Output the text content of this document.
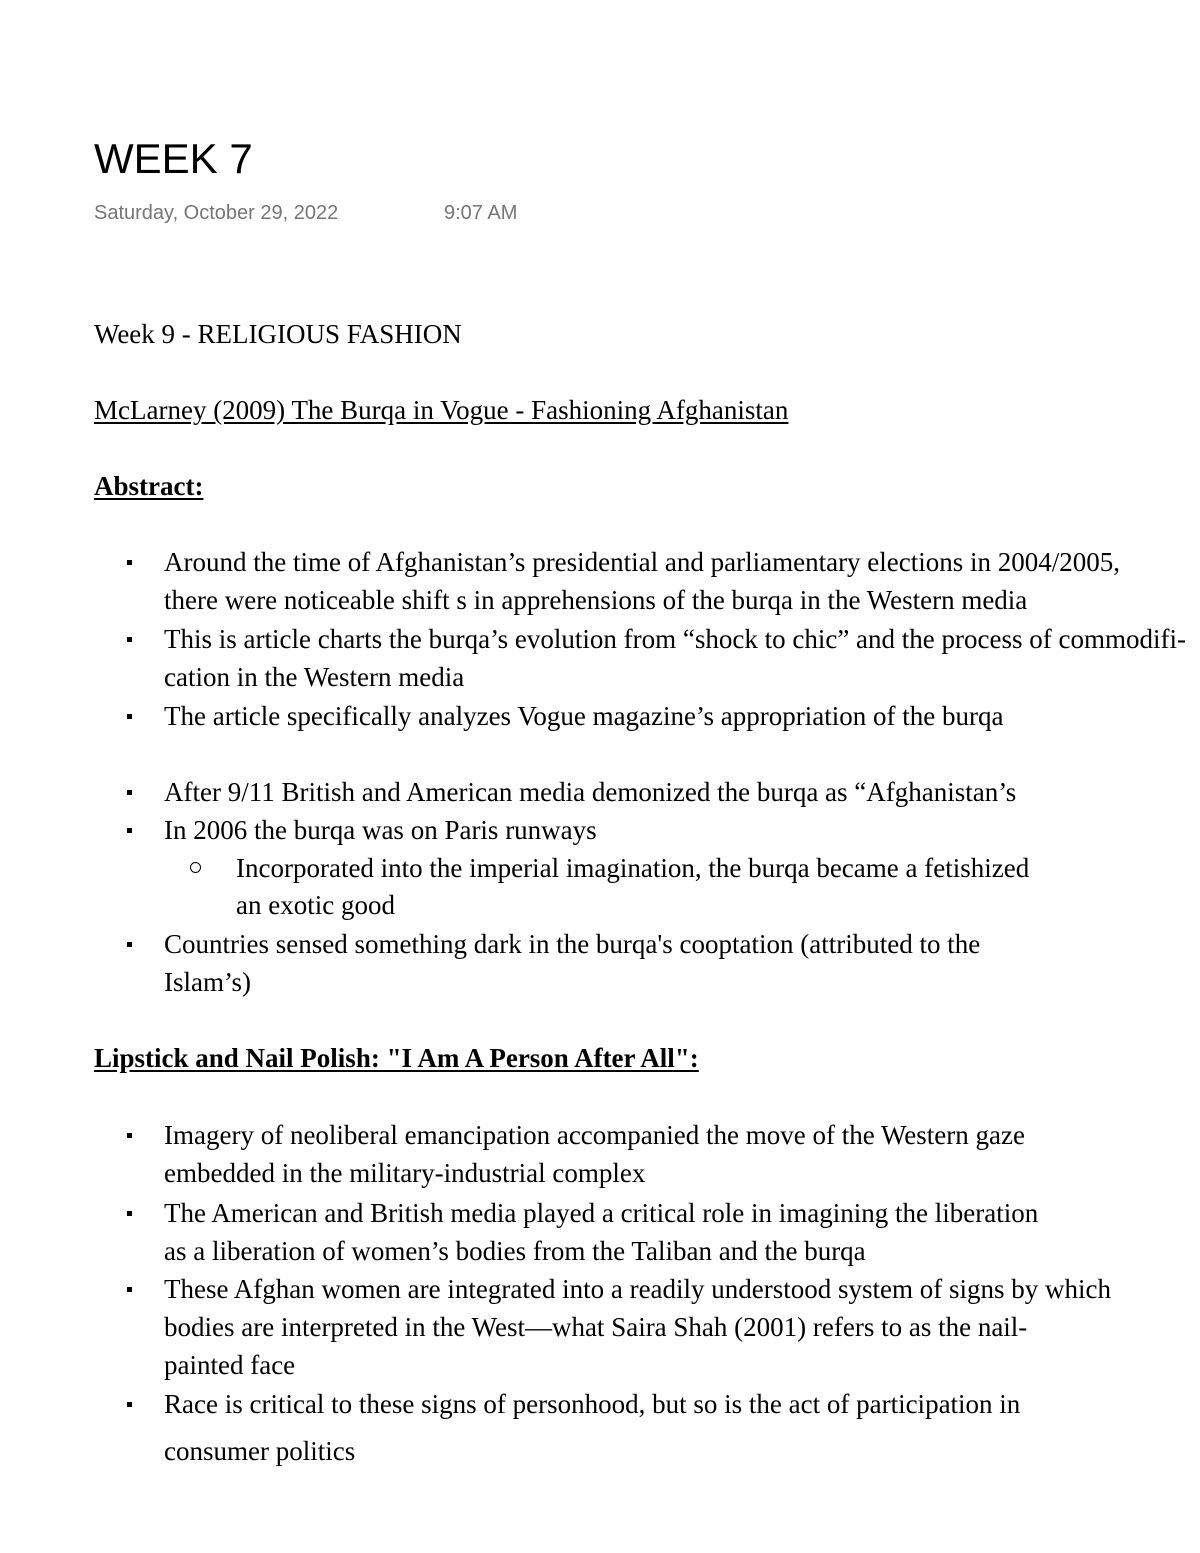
WEEK 7
Saturday, October 29, 2022	9:07 AM
Week 9 - RELIGIOUS FASHION
McLarney (2009) The Burqa in Vogue - Fashioning Afghanistan
Abstract:
Around the time of Afghanistan’s presidential and parliamentary elections in 2004/2005,
there were noticeable shift s in apprehensions of the burqa in the Western media
This is article charts the burqa’s evolution from “shock to chic” and the process of commodifi-
cation in the Western media
The article specifically analyzes Vogue magazine’s appropriation of the burqa
After 9/11 British and American media demonized the burqa as “Afghanistan’s
In 2006 the burqa was on Paris runways
Incorporated into the imperial imagination, the burqa became a fetishized
an exotic good
Countries sensed something dark in the burqa's cooptation (attributed to the
Islam’s)
Lipstick and Nail Polish: "I Am A Person After All":
Imagery of neoliberal emancipation accompanied the move of the Western gaze
embedded in the military-industrial complex
The American and British media played a critical role in imagining the liberation
as a liberation of women’s bodies from the Taliban and the burqa
These Afghan women are integrated into a readily understood system of signs by which
bodies are interpreted in the West—what Saira Shah (2001) refers to as the nail-
painted face
Race is critical to these signs of personhood, but so is the act of participation in
consumer politics
